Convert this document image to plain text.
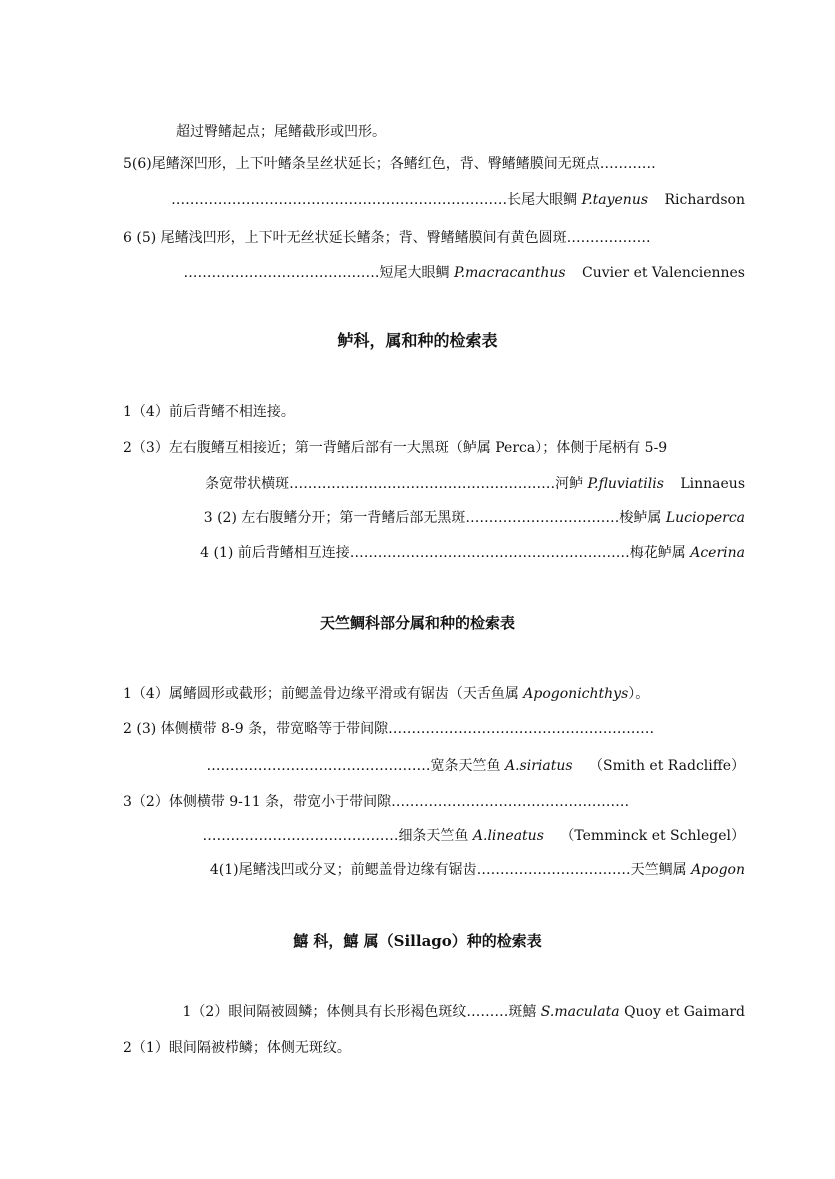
超过臀鳍起点；尾鳍截形或凹形。
5(6)尾鳍深凹形，上下叶鳍条呈丝状延长；各鳍红色，背、臀鳍鳍膜间无斑点…………
………………………………………………………………长尾大眼鲷 P.tayenus Richardson
6 (5) 尾鳍浅凹形，上下叶无丝状延长鳍条；背、臀鳍鳍膜间有黄色圆斑………………
……………………………………短尾大眼鲷 P.macracanthus Cuvier et Valenciennes
鲈科，属和种的检索表
1（4）前后背鳍不相连接。
2（3）左右腹鳍互相接近；第一背鳍后部有一大黑斑（鲈属 Perca）；体侧于尾柄有 5-9
条宽带状横斑…………………………………………………河鲈 P.fluviatilis Linnaeus
3 (2) 左右腹鳍分开；第一背鳍后部无黑斑……………………………梭鲈属 Lucioperca
4 (1) 前后背鳍相互连接……………………………………………………梅花鲈属 Acerina
天竺鲷科部分属和种的检索表
1（4）属鳍圆形或截形；前鳃盖骨边缘平滑或有锯齿（天舌鱼属 Apogonichthys）。
2 (3) 体侧横带 8-9 条，带宽略等于带间隙…………………………………………………
…………………………………………宽条天竺鱼 A.siriatus （Smith et Radcliffe）
3（2）体侧横带 9-11 条，带宽小于带间隙……………………………………………
……………………………………细条天竺鱼 A.lineatus （Temminck et Schlegel）
4(1)尾鳍浅凹或分叉；前鳃盖骨边缘有锯齿……………………………天竺鲷属 Apogon
鱚 科，鱚 属（Sillago）种的检索表
1（2）眼间隔被圆鳞；体侧具有长形褐色斑纹………斑鱚 S.maculata Quoy et Gaimard
2（1）眼间隔被栉鳞；体侧无斑纹。
